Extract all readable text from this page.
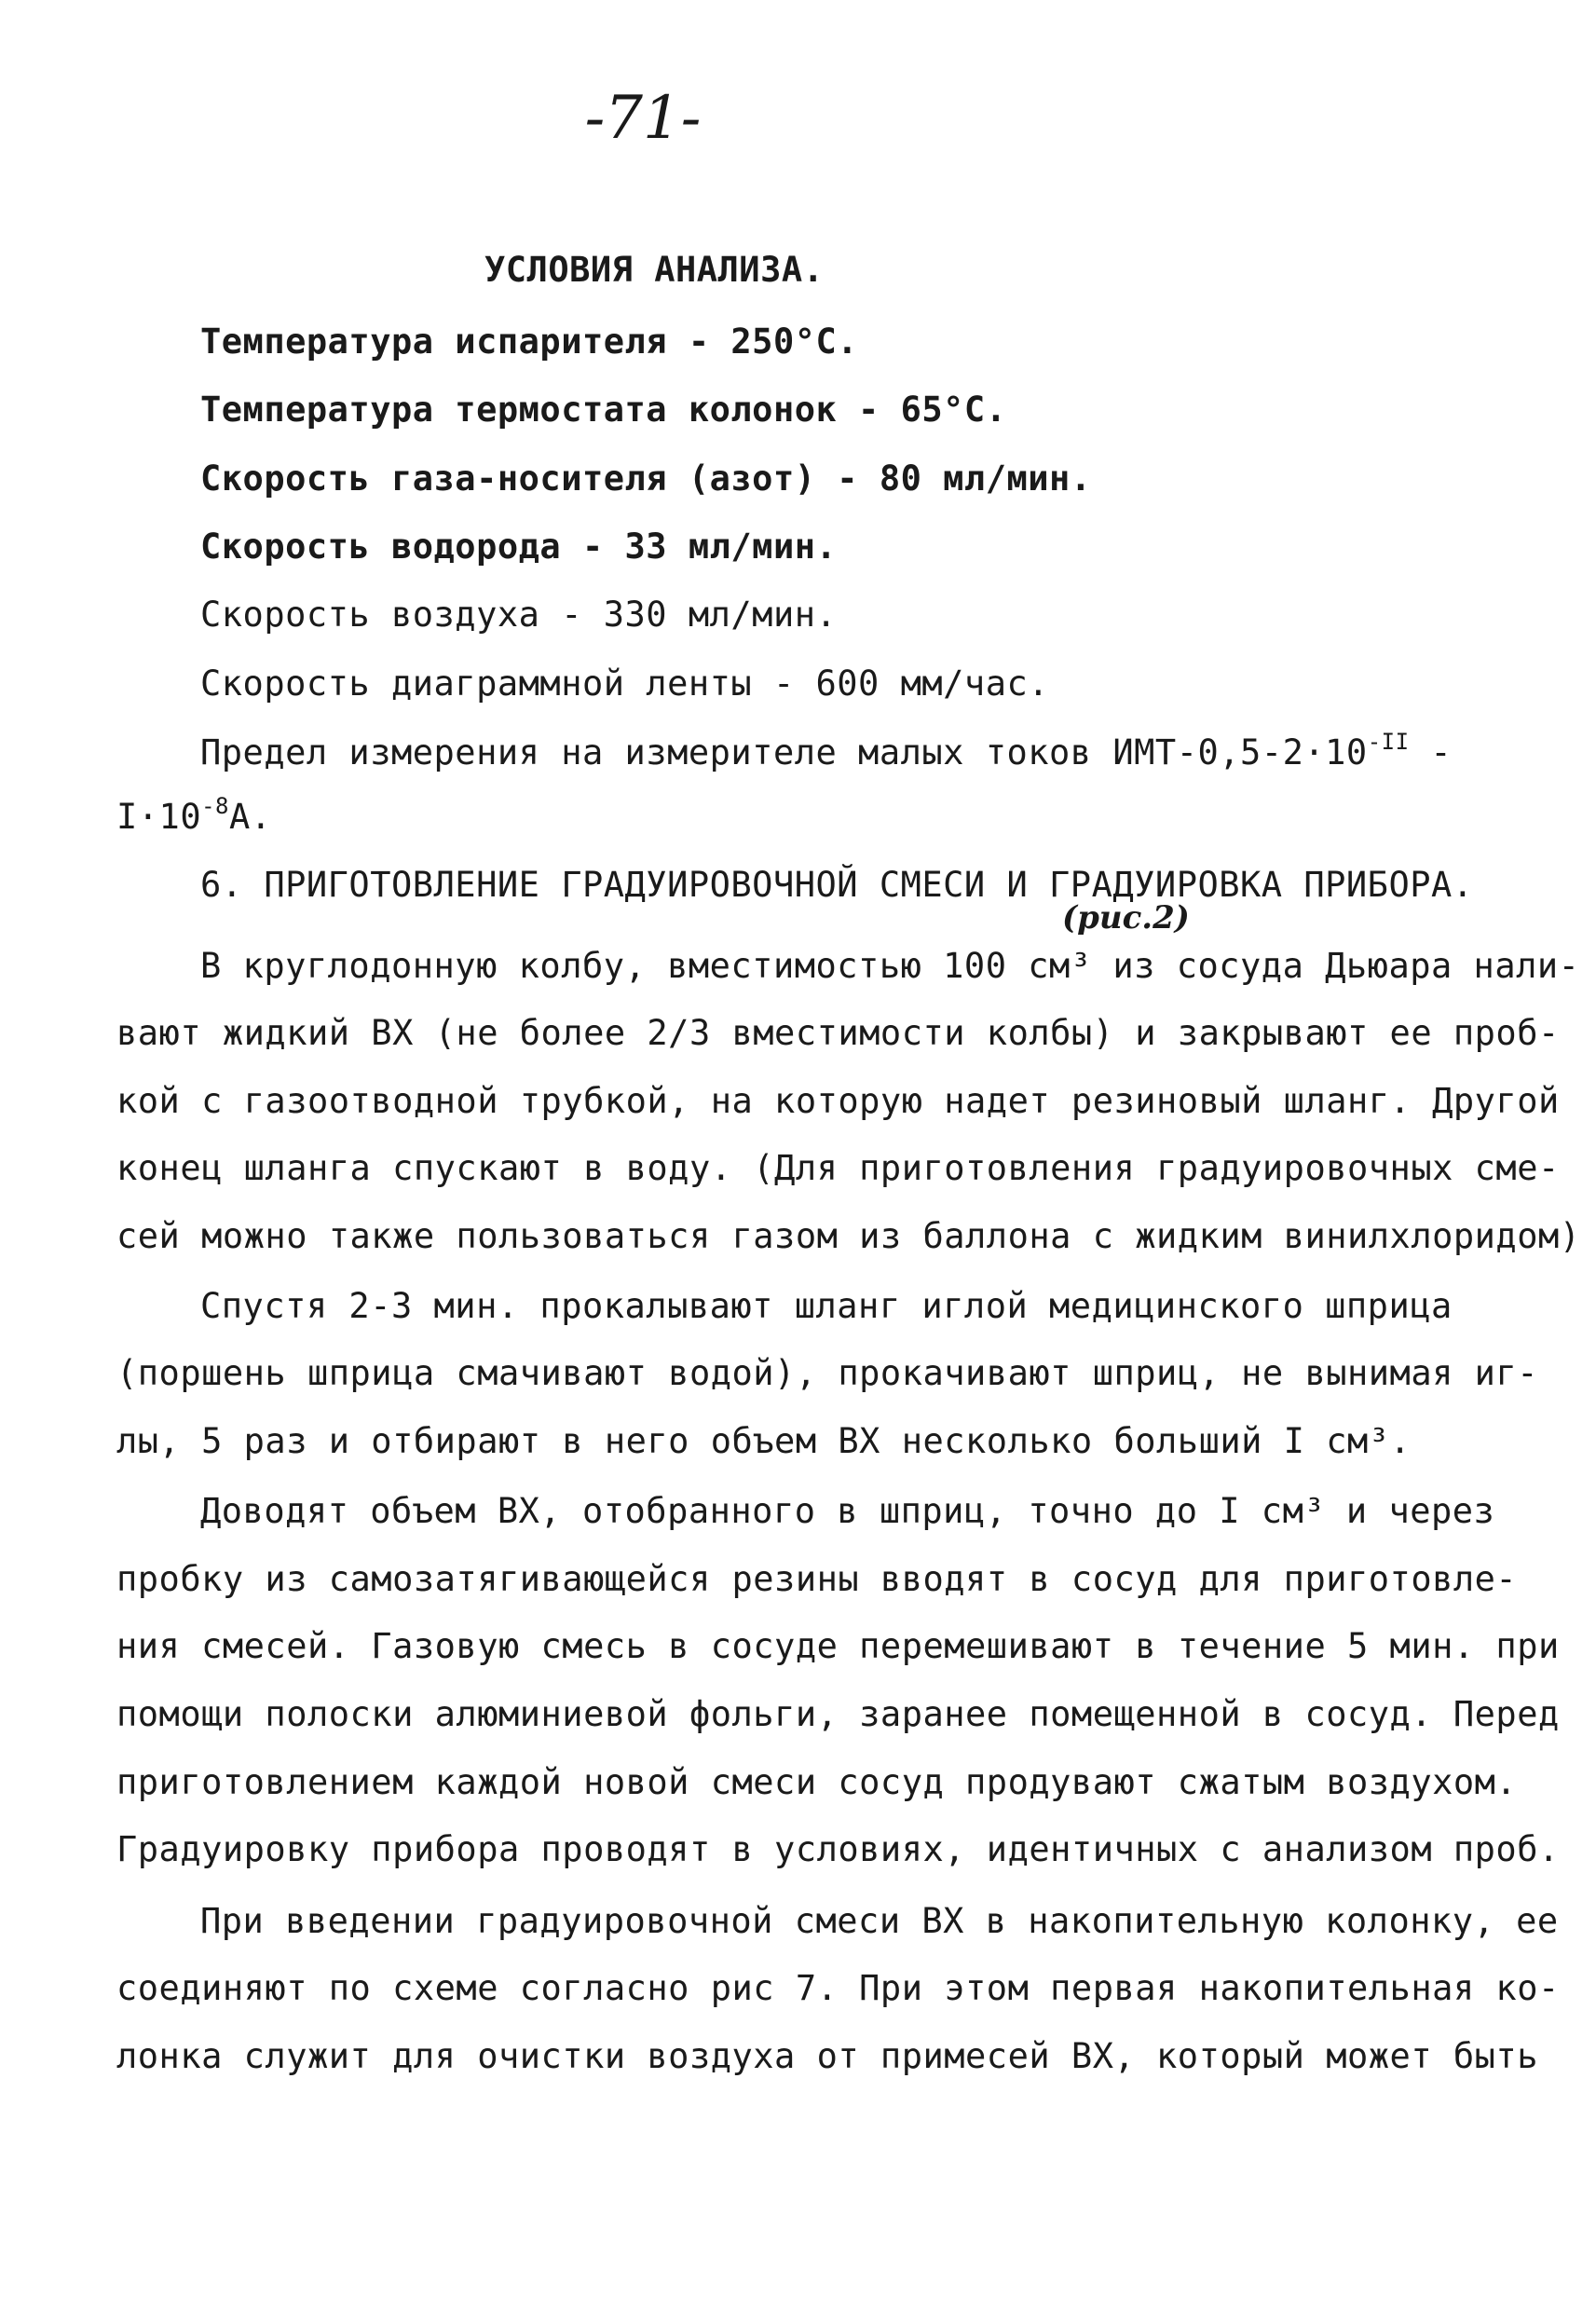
-71-
УСЛОВИЯ АНАЛИЗА.
Температура испарителя - 250°С.
Температура термостата колонок - 65°С.
Скорость газа-носителя (азот) - 80 мл/мин.
Скорость водорода - 33 мл/мин.
Скорость воздуха - 330 мл/мин.
Скорость диаграммной ленты - 600 мм/час.
Предел измерения на измерителе малых токов ИМТ-$0,5-2\cdot 10^{-II}$ -
$I\cdot 10^{-8}А$.
6. ПРИГОТОВЛЕНИЕ ГРАДУИРОВОЧНОЙ СМЕСИ И ГРАДУИРОВКА ПРИБОРА.
(рис.2)
В круглодонную колбу, вместимостью 100 см³ из сосуда Дьюара нали-
вают жидкий ВХ (не более 2/3 вместимости колбы) и закрывают ее проб-
кой с газоотводной трубкой, на которую надет резиновый шланг. Другой
конец шланга спускают в воду. (Для приготовления градуировочных сме-
сей можно также пользоваться газом из баллона с жидким винилхлоридом)
Спустя 2-3 мин. прокалывают шланг иглой медицинского шприца
(поршень шприца смачивают водой), прокачивают шприц, не вынимая иг-
лы, 5 раз и отбирают в него объем ВХ несколько больший I см³.
Доводят объем ВХ, отобранного в шприц, точно до I см³ и через
пробку из самозатягивающейся резины вводят в сосуд для приготовле-
ния смесей. Газовую смесь в сосуде перемешивают в течение 5 мин. при
помощи полоски алюминиевой фольги, заранее помещенной в сосуд. Перед
приготовлением каждой новой смеси сосуд продувают сжатым воздухом.
Градуировку прибора проводят в условиях, идентичных с анализом проб.
При введении градуировочной смеси ВХ в накопительную колонку, ее
соединяют по схеме согласно рис 7. При этом первая накопительная ко-
лонка служит для очистки воздуха от примесей ВХ, который может быть
